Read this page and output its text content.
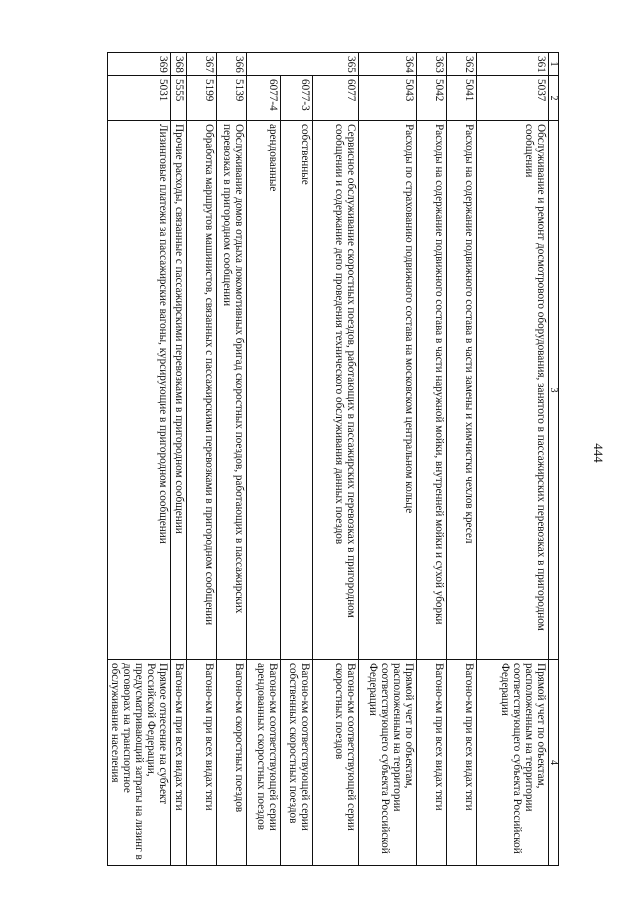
444
1	2	3	4
361	5037	Обслуживание и ремонт досмотрового оборудования, занятого в пассажирских перевозках в пригородном сообщении	Прямой учет по объектам, расположенным на территории соответствующего субъекта Российской Федерации
362	5041	Расходы на содержание подвижного состава в части замены и химчистки чехлов кресел	Вагоно-км при всех видах тяги
363	5042	Расходы на содержание подвижного состава в части наружной мойки, внутренней мойки и сухой уборки	Вагоно-км при всех видах тяги
364	5043	Расходы по страхованию подвижного состава на московском центральном кольце	Прямой учет по объектам, расположенным на территории соответствующего субъекта Российской Федерации
365	6077	Сервисное обслуживание скоростных поездов, работающих в пассажирских перевозках в пригородном сообщении и содержание депо проведения технического обслуживания данных поездов	Вагоно-км соответствующей серии скоростных поездов
	6077-3	собственные	Вагоно-км соответствующей серии собственных скоростных поездов
	6077-4	арендованные	Вагоно-км соответствующей серии арендованных скоростных поездов
366	5139	Обслуживание домов отдыха локомотивных бригад скоростных поездов, работающих в пассажирских перевозках в пригородном сообщении	Вагоно-км скоростных поездов
367	5199	Обработка маршрутов машинистов, связанных с пассажирскими перевозками в пригородном сообщении	Вагоно-км при всех видах тяги
368	5555	Прочие расходы, связанные с пассажирскими перевозками в пригородном сообщении	Вагоно-км при всех видах тяги
369	5031	Лизинговые платежи за пассажирские вагоны, курсирующие в пригородном сообщении	Прямое отнесение на субъект Российской Федерации, предусматривающий затраты на лизинг в договорах на транспортное обслуживание населения
